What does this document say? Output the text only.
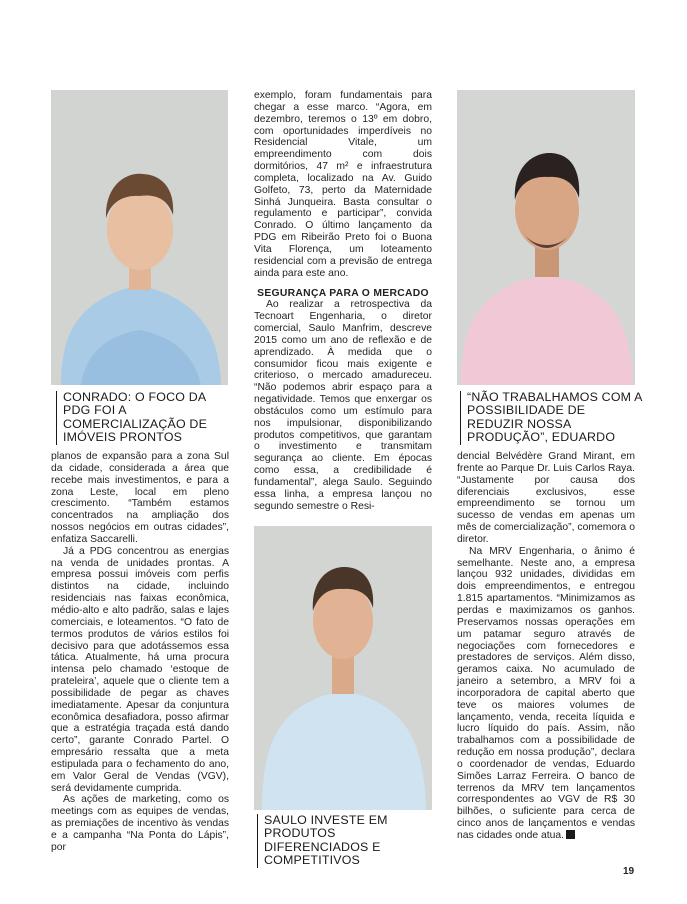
CONRADO: O FOCO DA PDG FOI A COMERCIALIZAÇÃO DE IMÓVEIS PRONTOS
“NÃO TRABALHAMOS COM A POSSIBILIDADE DE REDUZIR NOSSA PRODUÇÃO”, EDUARDO
SAULO INVESTE EM PRODUTOS DIFERENCIADOS E COMPETITIVOS

planos de expansão para a zona Sul da cidade, considerada a área que recebe mais investimentos, e para a zona Leste, local em pleno crescimento. “Também estamos concentrados na ampliação dos nossos negócios em outras cidades”, enfatiza Saccarelli.

Já a PDG concentrou as energias na venda de unidades prontas. A empresa possui imóveis com perfis distintos na cidade, incluindo residenciais nas faixas econômica, médio-alto e alto padrão, salas e lajes comerciais, e loteamentos. “O fato de termos produtos de vários estilos foi decisivo para que adotássemos essa tática. Atualmente, há uma procura intensa pelo chamado ‘estoque de prateleira’, aquele que o cliente tem a possibilidade de pegar as chaves imediatamente. Apesar da conjuntura econômica desafiadora, posso afirmar que a estratégia traçada está dando certo”, garante Conrado Partel. O empresário ressalta que a meta estipulada para o fechamento do ano, em Valor Geral de Vendas (VGV), será devidamente cumprida.

As ações de marketing, como os meetings com as equipes de vendas, as premiações de incentivo às vendas e a campanha “Na Ponta do Lápis”, por

exemplo, foram fundamentais para chegar a esse marco. “Agora, em dezembro, teremos o 13º em dobro, com oportunidades imperdíveis no Residencial Vitale, um empreendimento com dois dormitórios, 47 m² e infraestrutura completa, localizado na Av. Guido Golfeto, 73, perto da Maternidade Sinhá Junqueira. Basta consultar o regulamento e participar”, convida Conrado. O último lançamento da PDG em Ribeirão Preto foi o Buona Vita Florença, um loteamento residencial com a previsão de entrega ainda para este ano.

SEGURANÇA PARA O MERCADO

Ao realizar a retrospectiva da Tecnoart Engenharia, o diretor comercial, Saulo Manfrim, descreve 2015 como um ano de reflexão e de aprendizado. À medida que o consumidor ficou mais exigente e criterioso, o mercado amadureceu. “Não podemos abrir espaço para a negatividade. Temos que enxergar os obstáculos como um estímulo para nos impulsionar, disponibilizando produtos competitivos, que garantam o investimento e transmitam segurança ao cliente. Em épocas como essa, a credibilidade é fundamental”, alega Saulo. Seguindo essa linha, a empresa lançou no segundo semestre o Resi-

dencial Belvédère Grand Mirant, em frente ao Parque Dr. Luis Carlos Raya. “Justamente por causa dos diferenciais exclusivos, esse empreendimento se tornou um sucesso de vendas em apenas um mês de comercialização”, comemora o diretor.

Na MRV Engenharia, o ânimo é semelhante. Neste ano, a empresa lançou 932 unidades, divididas em dois empreendimentos, e entregou 1.815 apartamentos. “Minimizamos as perdas e maximizamos os ganhos. Preservamos nossas operações em um patamar seguro através de negociações com fornecedores e prestadores de serviços. Além disso, geramos caixa. No acumulado de janeiro a setembro, a MRV foi a incorporadora de capital aberto que teve os maiores volumes de lançamento, venda, receita líquida e lucro líquido do país. Assim, não trabalhamos com a possibilidade de redução em nossa produção”, declara o coordenador de vendas, Eduardo Simões Larraz Ferreira. O banco de terrenos da MRV tem lançamentos correspondentes ao VGV de R$ 30 bilhões, o suficiente para cerca de cinco anos de lançamentos e vendas nas cidades onde atua.

19
